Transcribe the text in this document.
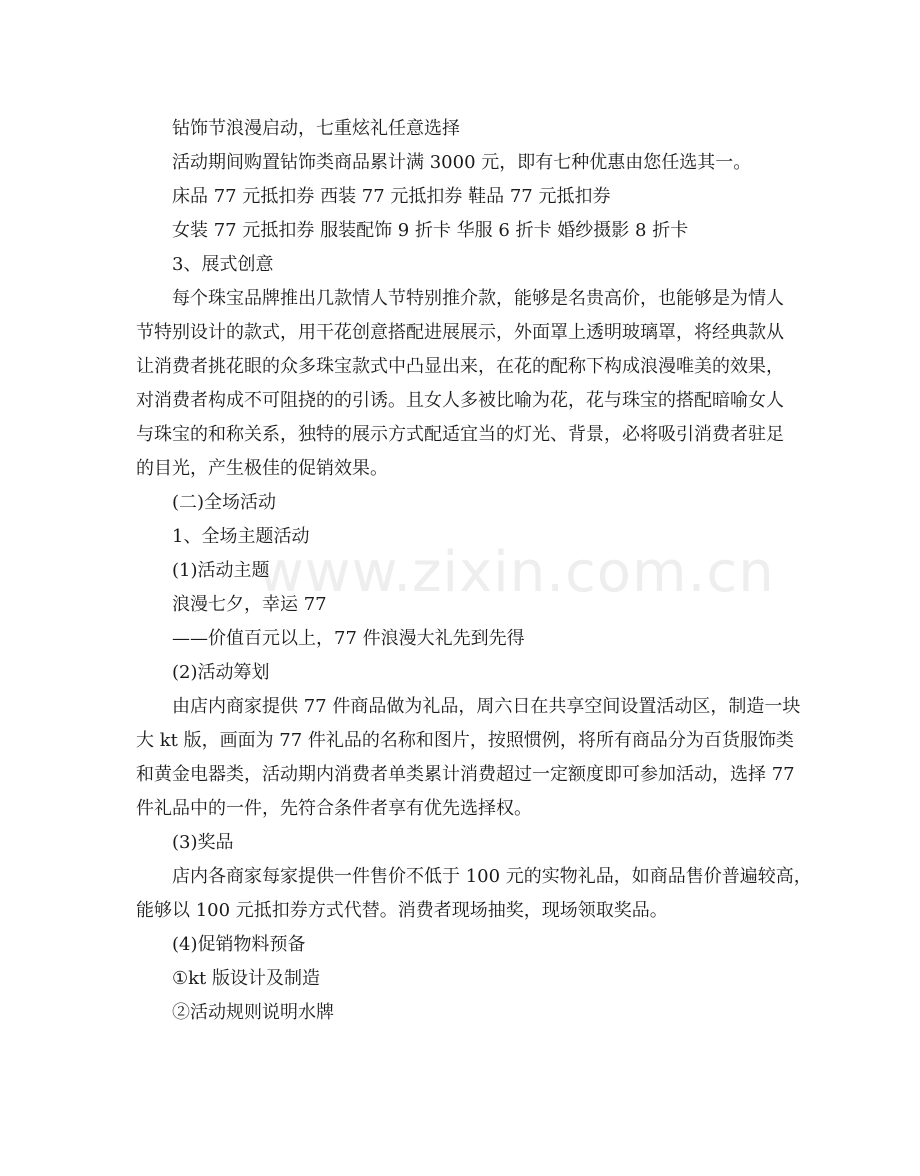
www.zixin.com.cn
钻饰节浪漫启动，七重炫礼任意选择
活动期间购置钻饰类商品累计满 3000 元，即有七种优惠由您任选其一。
床品 77 元抵扣券 西装 77 元抵扣券 鞋品 77 元抵扣券
女装 77 元抵扣券 服装配饰 9 折卡 华服 6 折卡 婚纱摄影 8 折卡
3、展式创意
每个珠宝品牌推出几款情人节特别推介款，能够是名贵高价，也能够是为情人
节特别设计的款式，用干花创意搭配进展展示，外面罩上透明玻璃罩，将经典款从
让消费者挑花眼的众多珠宝款式中凸显出来，在花的配称下构成浪漫唯美的效果，
对消费者构成不可阻挠的的引诱。且女人多被比喻为花，花与珠宝的搭配暗喻女人
与珠宝的和称关系，独特的展示方式配适宜当的灯光、背景，必将吸引消费者驻足
的目光，产生极佳的促销效果。
(二)全场活动
1、全场主题活动
(1)活动主题
浪漫七夕，幸运 77
——价值百元以上，77 件浪漫大礼先到先得
(2)活动筹划
由店内商家提供 77 件商品做为礼品，周六日在共享空间设置活动区，制造一块
大 kt 版，画面为 77 件礼品的名称和图片，按照惯例，将所有商品分为百货服饰类
和黄金电器类，活动期内消费者单类累计消费超过一定额度即可参加活动，选择 77
件礼品中的一件，先符合条件者享有优先选择权。
(3)奖品
店内各商家每家提供一件售价不低于 100 元的实物礼品，如商品售价普遍较高，
能够以 100 元抵扣券方式代替。消费者现场抽奖，现场领取奖品。
(4)促销物料预备
①kt 版设计及制造
②活动规则说明水牌
